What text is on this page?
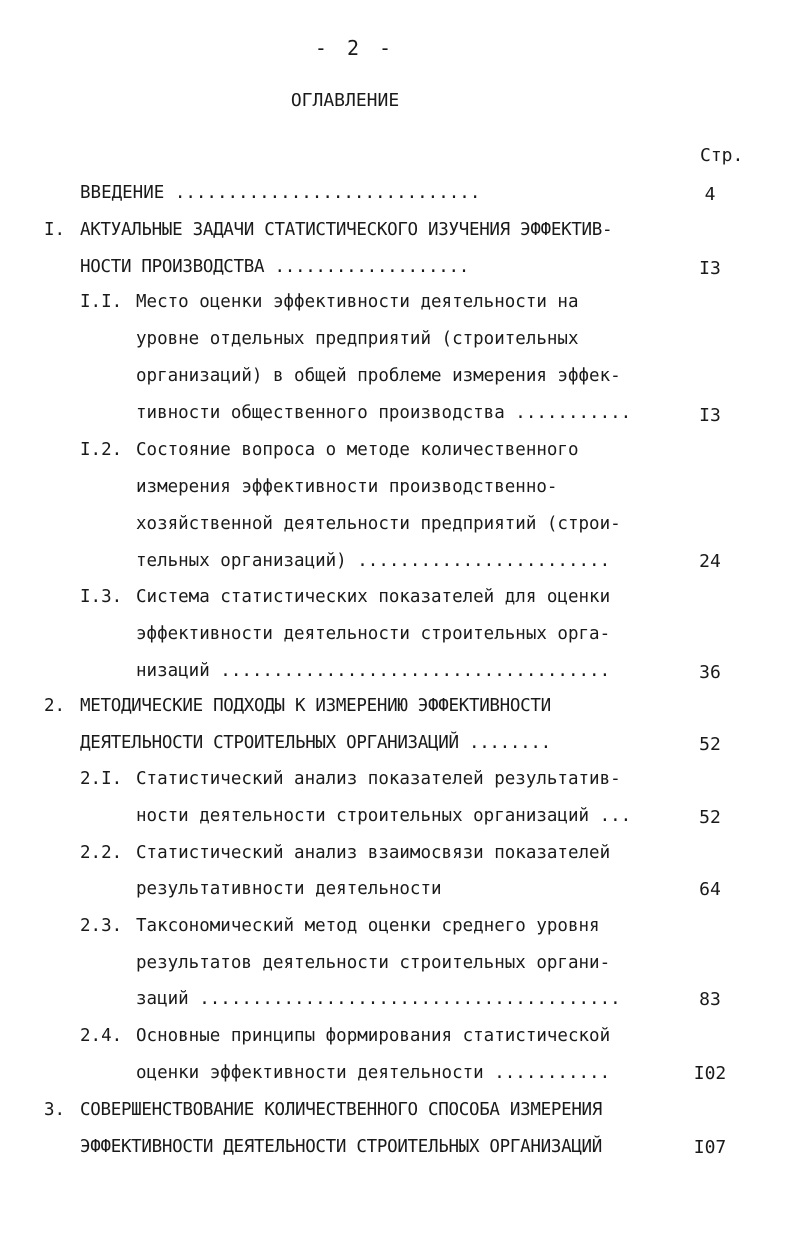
- 2 -
ОГЛАВЛЕНИЕ
Стр.
ВВЕДЕНИЕ .............................	4
I. АКТУАЛЬНЫЕ ЗАДАЧИ СТАТИСТИЧЕСКОГО ИЗУЧЕНИЯ ЭФФЕКТИВ-
НОСТИ ПРОИЗВОДСТВА ...................	I3
I.I. Место оценки эффективности деятельности на
уровне отдельных предприятий (строительных
организаций) в общей проблеме измерения эффек-
тивности общественного производства ...........	I3
I.2. Состояние вопроса о методе количественного
измерения эффективности производственно-
хозяйственной деятельности предприятий (строи-
тельных организаций) ........................	24
I.3. Система статистических показателей для оценки
эффективности деятельности строительных орга-
низаций .....................................	36
2. МЕТОДИЧЕСКИЕ ПОДХОДЫ К ИЗМЕРЕНИЮ ЭФФЕКТИВНОСТИ
ДЕЯТЕЛЬНОСТИ СТРОИТЕЛЬНЫХ ОРГАНИЗАЦИЙ ........	52
2.I. Статистический анализ показателей результатив-
ности деятельности строительных организаций ...	52
2.2. Статистический анализ взаимосвязи показателей
результативности деятельности	64
2.3. Таксономический метод оценки среднего уровня
результатов деятельности строительных органи-
заций ........................................	83
2.4. Основные принципы формирования статистической
оценки эффективности деятельности ...........	I02
3. СОВЕРШЕНСТВОВАНИЕ КОЛИЧЕСТВЕННОГО СПОСОБА ИЗМЕРЕНИЯ
ЭФФЕКТИВНОСТИ ДЕЯТЕЛЬНОСТИ СТРОИТЕЛЬНЫХ ОРГАНИЗАЦИЙ	I07
